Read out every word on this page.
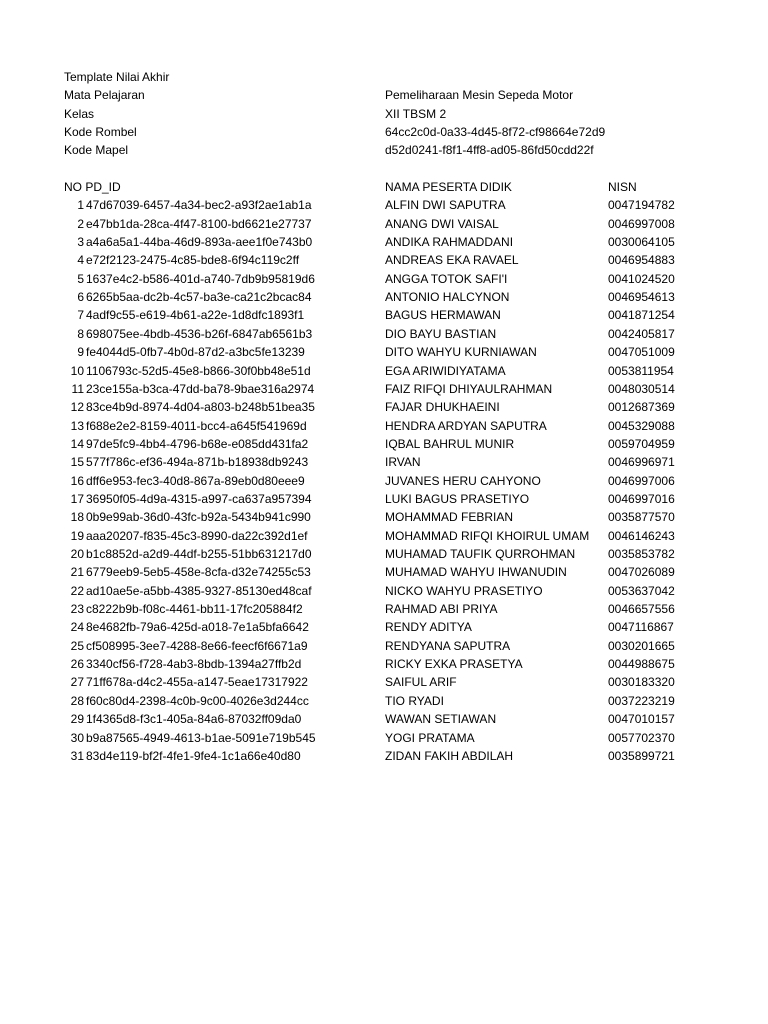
Template Nilai Akhir
Mata Pelajaran	Pemeliharaan Mesin Sepeda Motor
Kelas	XII TBSM 2
Kode Rombel	64cc2c0d-0a33-4d45-8f72-cf98664e72d9
Kode Mapel	d52d0241-f8f1-4ff8-ad05-86fd50cdd22f
NO PD_ID	NAMA PESERTA DIDIK	NISN
1 47d67039-6457-4a34-bec2-a93f2ae1ab1a	ALFIN DWI SAPUTRA	0047194782
2 e47bb1da-28ca-4f47-8100-bd6621e27737	ANANG DWI VAISAL	0046997008
3 a4a6a5a1-44ba-46d9-893a-aee1f0e743b0	ANDIKA RAHMADDANI	0030064105
4 e72f2123-2475-4c85-bde8-6f94c119c2ff	ANDREAS EKA RAVAEL	0046954883
5 1637e4c2-b586-401d-a740-7db9b95819d6	ANGGA TOTOK SAFI'I	0041024520
6 6265b5aa-dc2b-4c57-ba3e-ca21c2bcac84	ANTONIO HALCYNON	0046954613
7 4adf9c55-e619-4b61-a22e-1d8dfc1893f1	BAGUS HERMAWAN	0041871254
8 698075ee-4bdb-4536-b26f-6847ab6561b3	DIO BAYU BASTIAN	0042405817
9 fe4044d5-0fb7-4b0d-87d2-a3bc5fe13239	DITO WAHYU KURNIAWAN	0047051009
10 1106793c-52d5-45e8-b866-30f0bb48e51d	EGA ARIWIDIYATAMA	0053811954
11 23ce155a-b3ca-47dd-ba78-9bae316a2974	FAIZ RIFQI DHIYAULRAHMAN	0048030514
12 83ce4b9d-8974-4d04-a803-b248b51bea35	FAJAR DHUKHAEINI	0012687369
13 f688e2e2-8159-4011-bcc4-a645f541969d	HENDRA ARDYAN SAPUTRA	0045329088
14 97de5fc9-4bb4-4796-b68e-e085dd431fa2	IQBAL BAHRUL MUNIR	0059704959
15 577f786c-ef36-494a-871b-b18938db9243	IRVAN	0046996971
16 dff6e953-fec3-40d8-867a-89eb0d80eee9	JUVANES HERU CAHYONO	0046997006
17 36950f05-4d9a-4315-a997-ca637a957394	LUKI BAGUS PRASETIYO	0046997016
18 0b9e99ab-36d0-43fc-b92a-5434b941c990	MOHAMMAD FEBRIAN	0035877570
19 aaa20207-f835-45c3-8990-da22c392d1ef	MOHAMMAD RIFQI KHOIRUL UMAM 0046146243
20 b1c8852d-a2d9-44df-b255-51bb631217d0	MUHAMAD TAUFIK QURROHMAN	0035853782
21 6779eeb9-5eb5-458e-8cfa-d32e74255c53	MUHAMAD WAHYU IHWANUDIN	0047026089
22 ad10ae5e-a5bb-4385-9327-85130ed48caf	NICKO WAHYU PRASETIYO	0053637042
23 c8222b9b-f08c-4461-bb11-17fc205884f2	RAHMAD ABI PRIYA	0046657556
24 8e4682fb-79a6-425d-a018-7e1a5bfa6642	RENDY ADITYA	0047116867
25 cf508995-3ee7-4288-8e66-feecf6f6671a9	RENDYANA SAPUTRA	0030201665
26 3340cf56-f728-4ab3-8bdb-1394a27ffb2d	RICKY EXKA PRASETYA	0044988675
27 71ff678a-d4c2-455a-a147-5eae17317922	SAIFUL ARIF	0030183320
28 f60c80d4-2398-4c0b-9c00-4026e3d244cc	TIO RYADI	0037223219
29 1f4365d8-f3c1-405a-84a6-87032ff09da0	WAWAN SETIAWAN	0047010157
30 b9a87565-4949-4613-b1ae-5091e719b545	YOGI PRATAMA	0057702370
31 83d4e119-bf2f-4fe1-9fe4-1c1a66e40d80	ZIDAN FAKIH ABDILAH	0035899721
